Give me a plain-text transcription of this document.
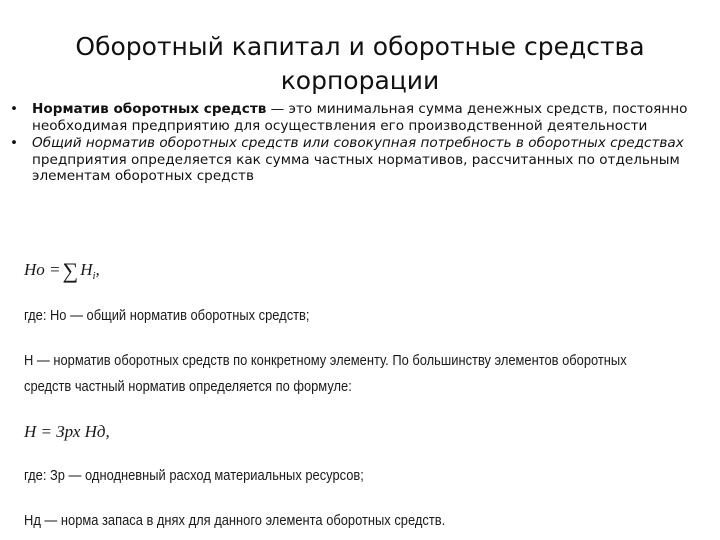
Оборотный капитал и оборотные средства корпорации
• Норматив оборотных средств — это минимальная сумма денежных средств, постоянно необходимая предприятию для осуществления его производственной деятельности
• Общий норматив оборотных средств или совокупная потребность в оборотных средствах предприятия определяется как сумма частных нормативов, рассчитанных по отдельным элементам оборотных средств
Но =∑ $Н_i$,
где: Но — общий норматив оборотных средств;
Н — норматив оборотных средств по конкретному элементу. По большинству элементов оборотных
средств частный норматив определяется по формуле:
Н = Зрх Нд,
где: Зр — однодневный расход материальных ресурсов;
Нд — норма запаса в днях для данного элемента оборотных средств.
